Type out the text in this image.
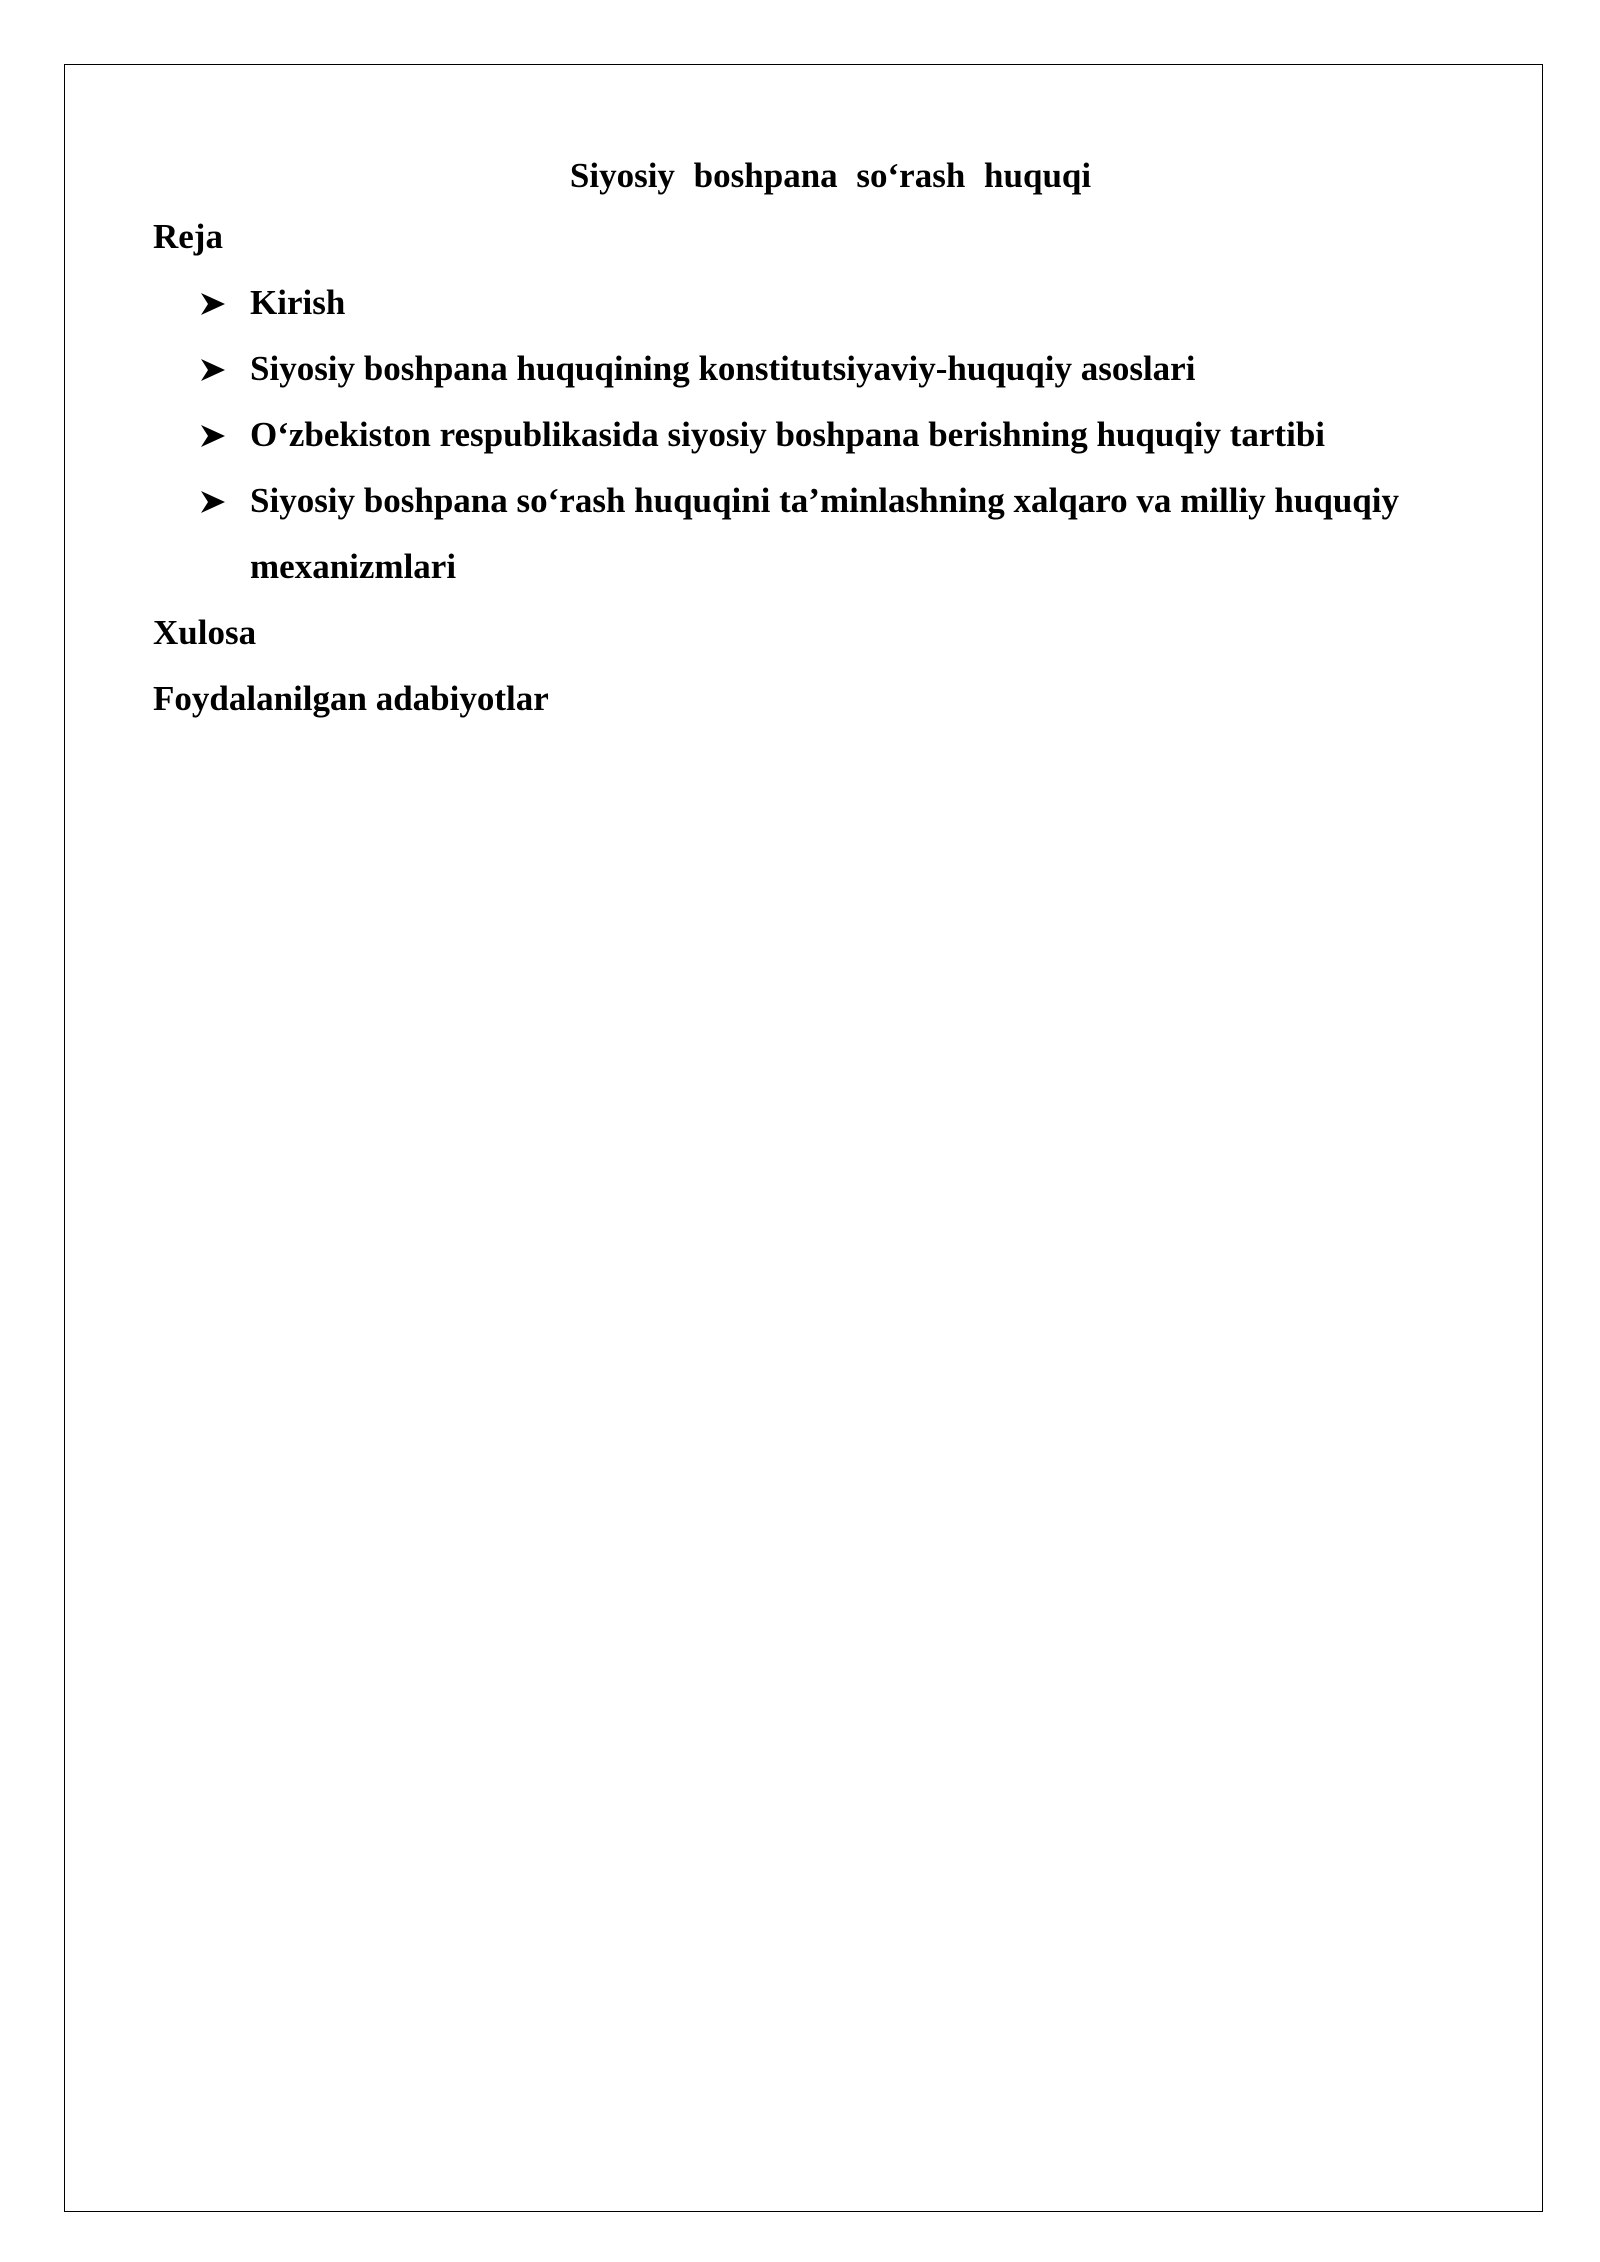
Siyosiy boshpana so‘rash huquqi

Reja

Kirish
Siyosiy boshpana huquqining konstitutsiyaviy-huquqiy asoslari
O‘zbekiston respublikasida siyosiy boshpana berishning huquqiy tartibi
Siyosiy boshpana so‘rash huquqini ta’minlashning xalqaro va milliy huquqiy mexanizmlari

Xulosa

Foydalanilgan adabiyotlar
